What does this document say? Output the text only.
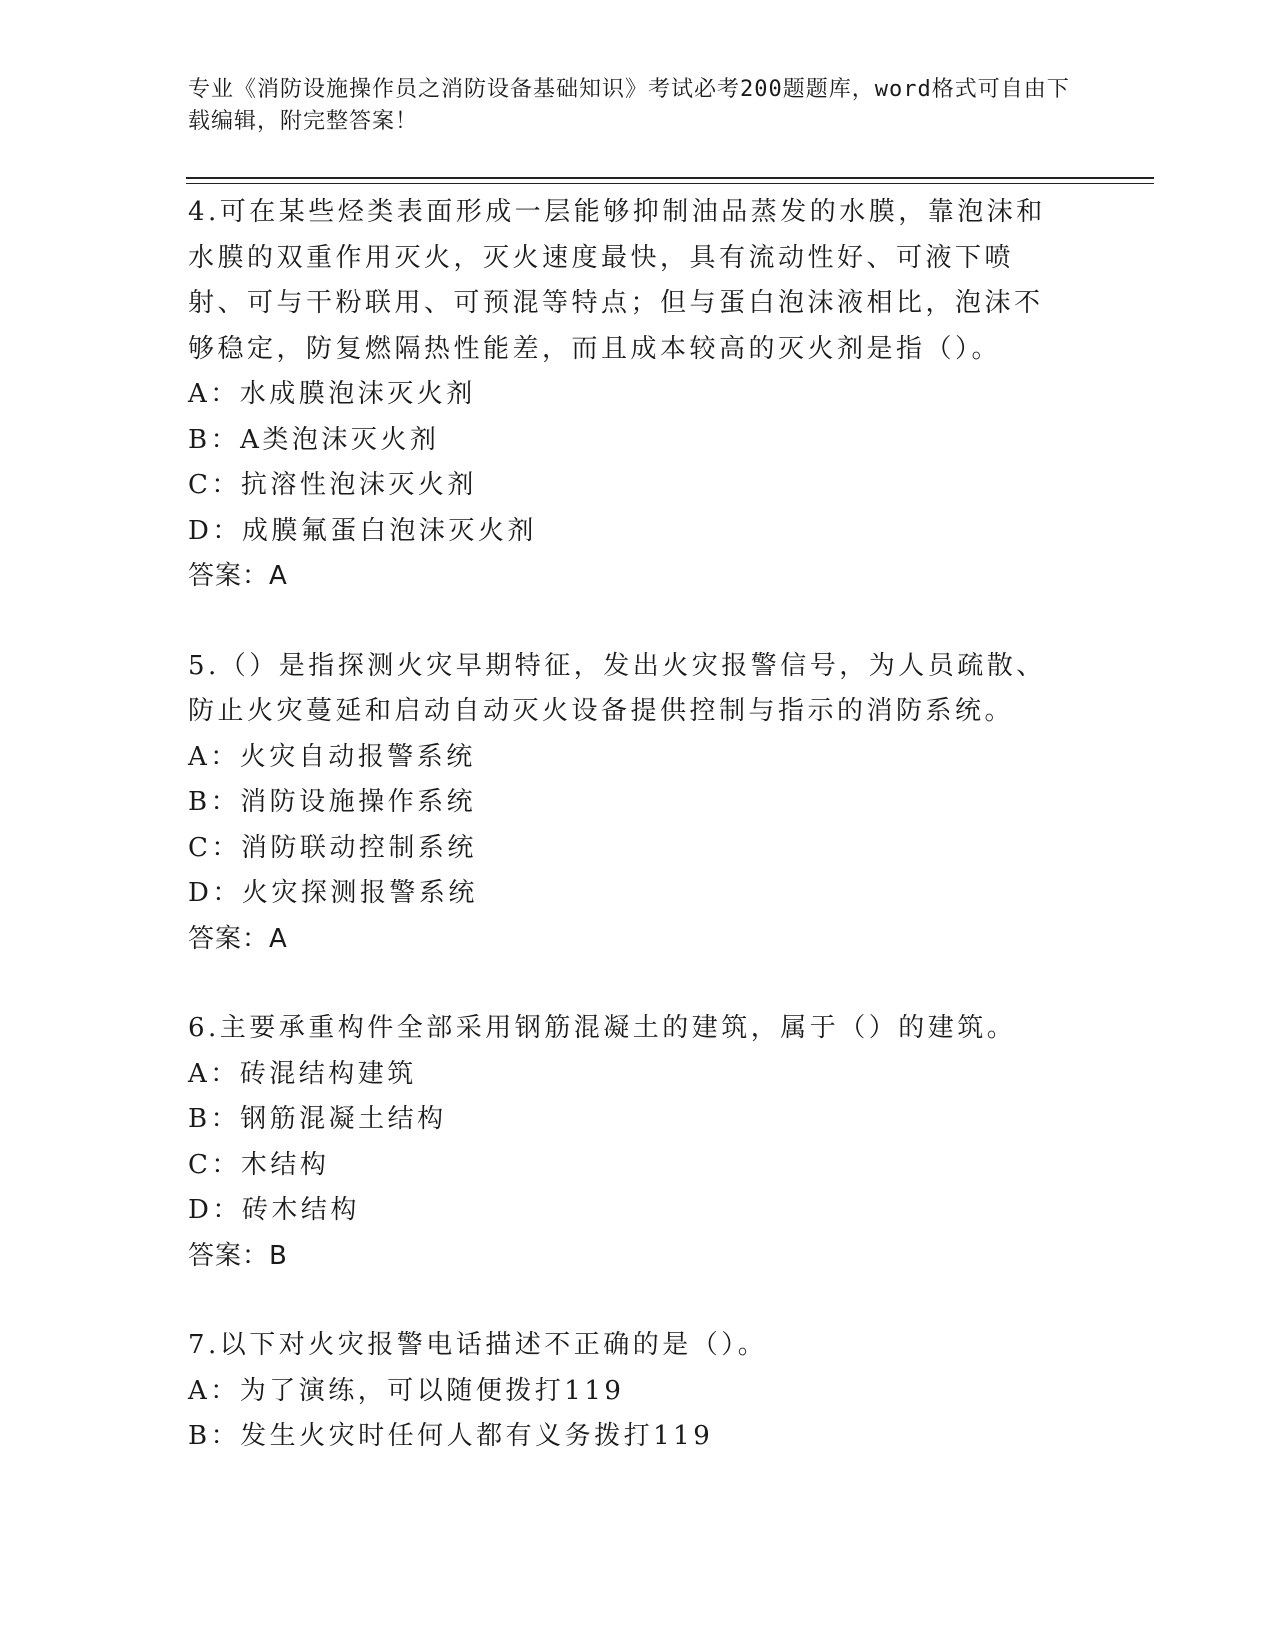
专业《消防设施操作员之消防设备基础知识》考试必考200题题库，word格式可自由下载编辑，附完整答案！

4.可在某些烃类表面形成一层能够抑制油品蒸发的水膜，靠泡沫和水膜的双重作用灭火，灭火速度最快，具有流动性好、可液下喷射、可与干粉联用、可预混等特点；但与蛋白泡沫液相比，泡沫不够稳定，防复燃隔热性能差，而且成本较高的灭火剂是指（）。

A：水成膜泡沫灭火剂

B：A类泡沫灭火剂

C：抗溶性泡沫灭火剂

D：成膜氟蛋白泡沫灭火剂

答案：A

5.（）是指探测火灾早期特征，发出火灾报警信号，为人员疏散、防止火灾蔓延和启动自动灭火设备提供控制与指示的消防系统。

A：火灾自动报警系统

B：消防设施操作系统

C：消防联动控制系统

D：火灾探测报警系统

答案：A

6.主要承重构件全部采用钢筋混凝土的建筑，属于（）的建筑。

A：砖混结构建筑

B：钢筋混凝土结构

C：木结构

D：砖木结构

答案：B

7.以下对火灾报警电话描述不正确的是（）。

A：为了演练，可以随便拨打119

B：发生火灾时任何人都有义务拨打119
